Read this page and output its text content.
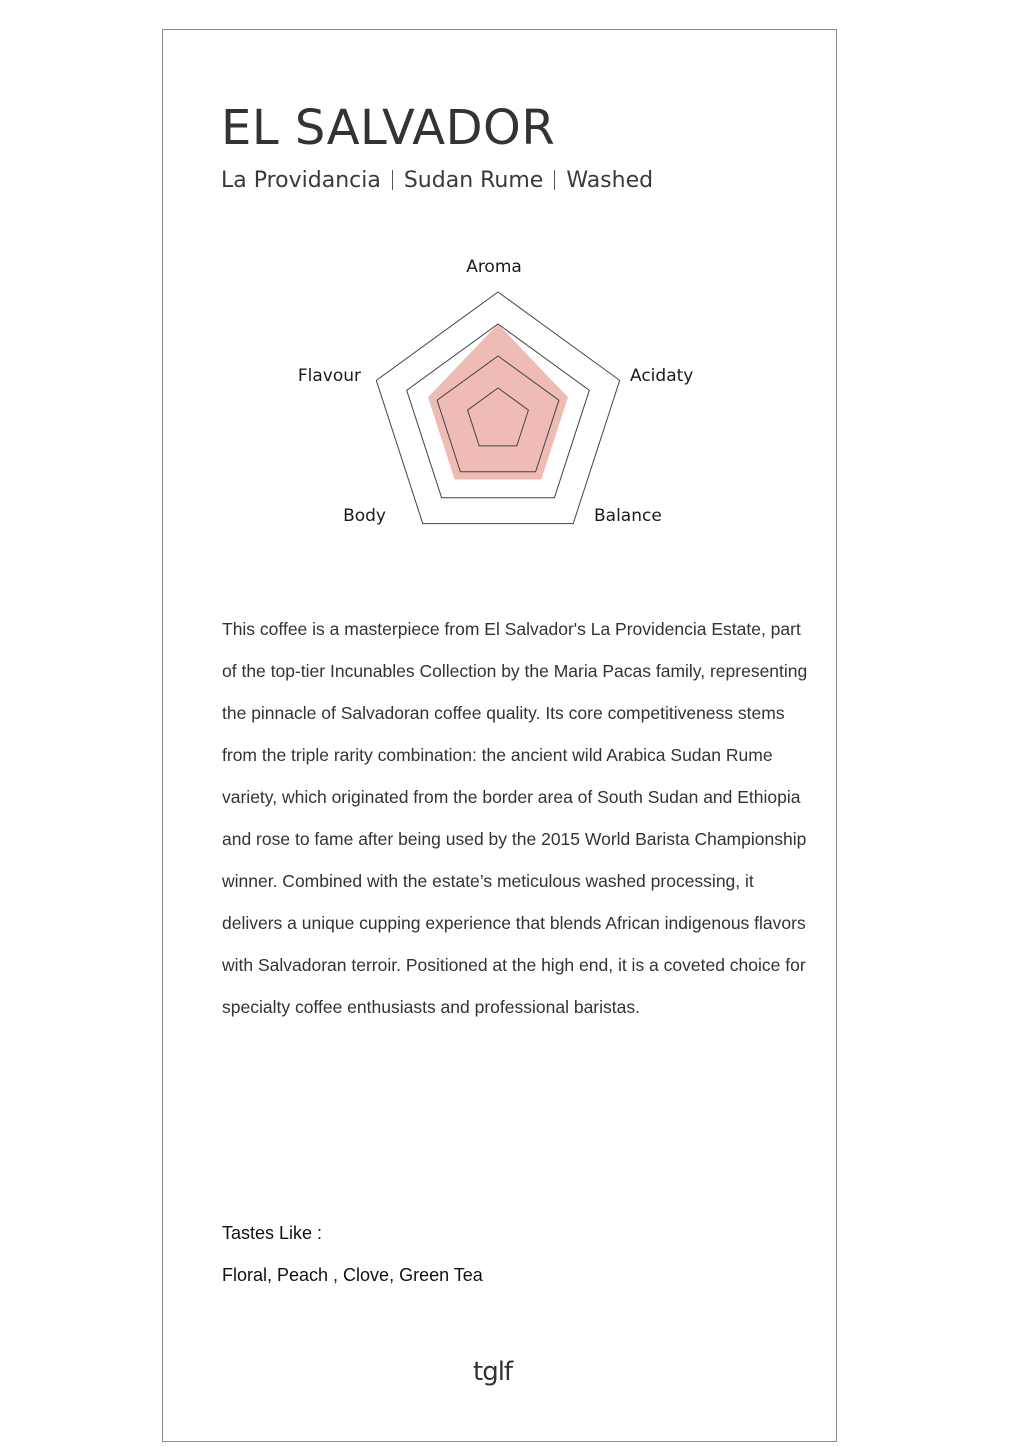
EL SALVADOR
La Providancia Sudan Rume Washed
Aroma
Acidaty
Balance
Body
Flavour

This coffee is a masterpiece from El Salvador's La Providencia Estate, part of the top-tier Incunables Collection by the Maria Pacas family, representing the pinnacle of Salvadoran coffee quality. Its core competitiveness stems from the triple rarity combination: the ancient wild Arabica Sudan Rume variety, which originated from the border area of South Sudan and Ethiopia and rose to fame after being used by the 2015 World Barista Championship winner. Combined with the estate’s meticulous washed processing, it delivers a unique cupping experience that blends African indigenous flavors with Salvadoran terroir. Positioned at the high end, it is a coveted choice for specialty coffee enthusiasts and professional baristas.

Tastes Like :
Floral, Peach , Clove, Green Tea
tglf
